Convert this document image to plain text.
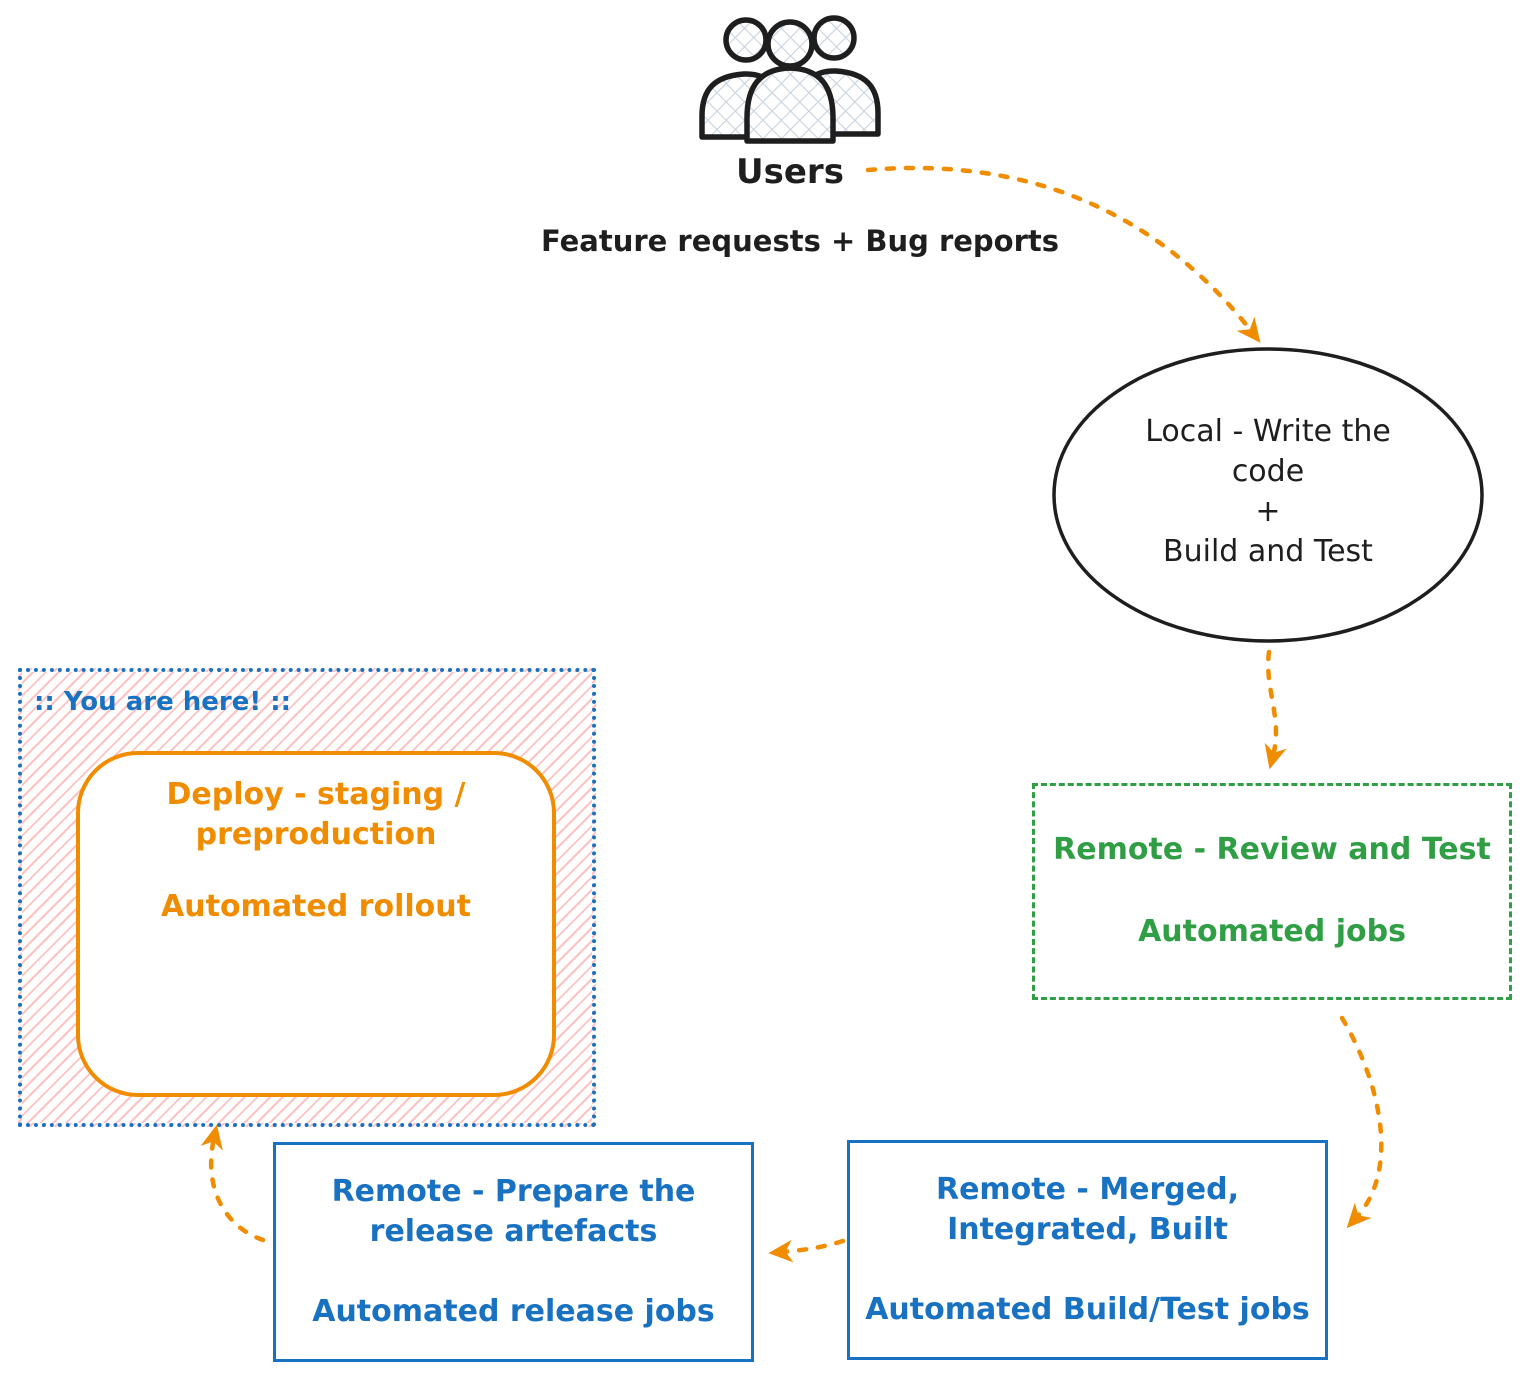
Users
Feature requests + Bug reports
Local - Write the
code
+
Build and Test
Remote - Review and Test
Automated jobs
Remote - Merged,
Integrated, Built
Automated Build/Test jobs
Remote - Prepare the
release artefacts
Automated release jobs
:: You are here! ::
Deploy - staging /
preproduction
Automated rollout
